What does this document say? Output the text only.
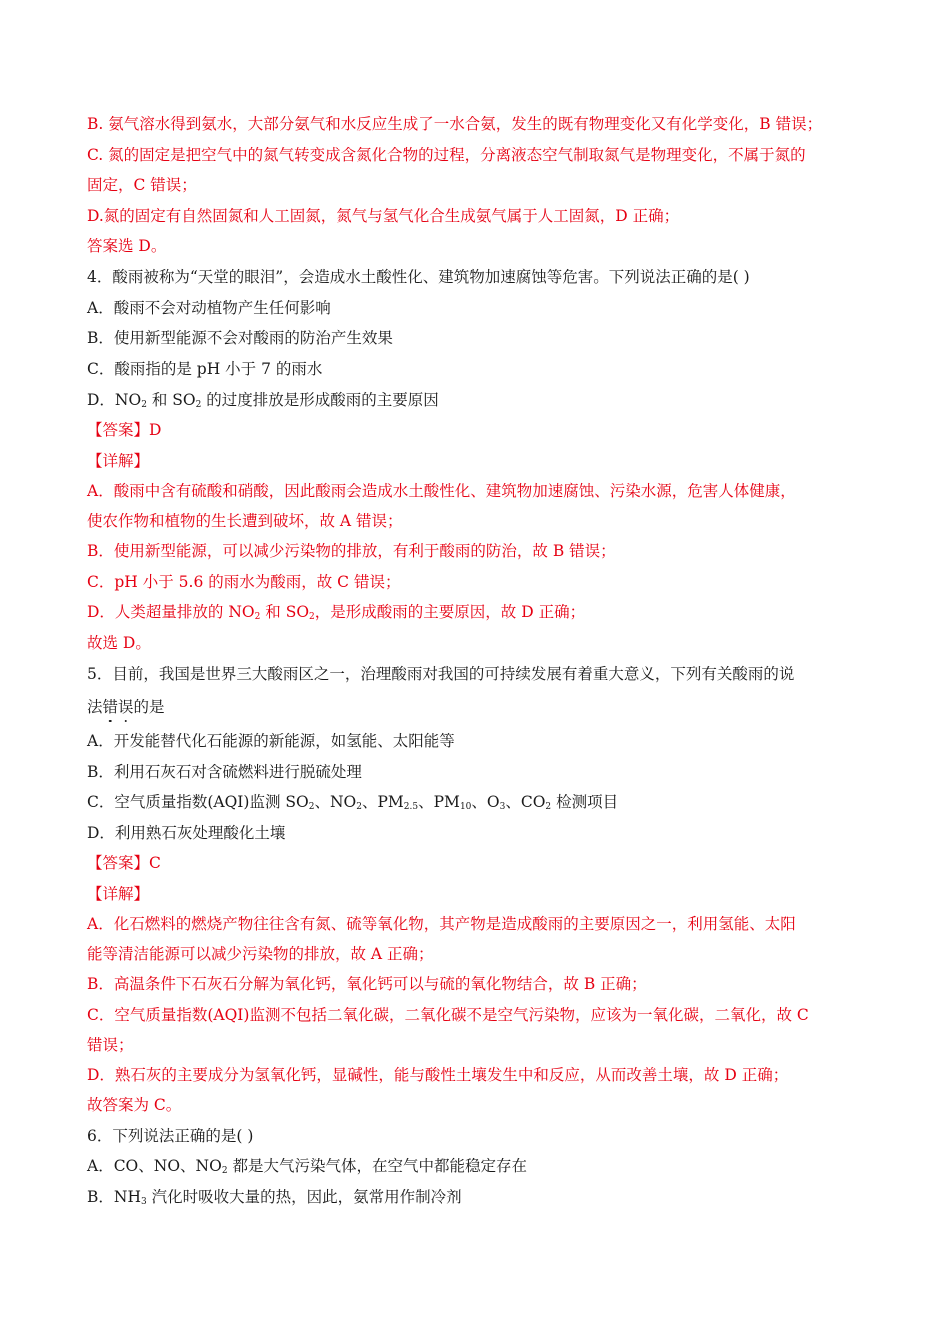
B. 氨气溶水得到氨水，大部分氨气和水反应生成了一水合氨，发生的既有物理变化又有化学变化，B 错误；
C. 氮的固定是把空气中的氮气转变成含氮化合物的过程，分离液态空气制取氮气是物理变化，不属于氮的
固定，C 错误；
D.氮的固定有自然固氮和人工固氮，氮气与氢气化合生成氨气属于人工固氮，D 正确；
答案选 D。
4．酸雨被称为“天堂的眼泪”，会造成水土酸性化、建筑物加速腐蚀等危害。下列说法正确的是( )
A．酸雨不会对动植物产生任何影响
B．使用新型能源不会对酸雨的防治产生效果
C．酸雨指的是 pH 小于 7 的雨水
D．$NO_2$ 和 $SO_2$ 的过度排放是形成酸雨的主要原因
【答案】D
【详解】
A．酸雨中含有硫酸和硝酸，因此酸雨会造成水土酸性化、建筑物加速腐蚀、污染水源，危害人体健康，
使农作物和植物的生长遭到破坏，故 A 错误；
B．使用新型能源，可以减少污染物的排放，有利于酸雨的防治，故 B 错误；
C．pH 小于 5.6 的雨水为酸雨，故 C 错误；
D．人类超量排放的 $NO_2$ 和 $SO_2$，是形成酸雨的主要原因，故 D 正确；
故选 D。
5．目前，我国是世界三大酸雨区之一，治理酸雨对我国的可持续发展有着重大意义，下列有关酸雨的说
法错误的是
A．开发能替代化石能源的新能源，如氢能、太阳能等
B．利用石灰石对含硫燃料进行脱硫处理
C．空气质量指数(AQI)监测 $SO_2$、$NO_2$、$PM_{2.5}$、$PM_{10}$、$O_3$、$CO_2$ 检测项目
D．利用熟石灰处理酸化土壤
【答案】C
【详解】
A．化石燃料的燃烧产物往往含有氮、硫等氧化物，其产物是造成酸雨的主要原因之一，利用氢能、太阳
能等清洁能源可以减少污染物的排放，故 A 正确；
B．高温条件下石灰石分解为氧化钙，氧化钙可以与硫的氧化物结合，故 B 正确；
C．空气质量指数(AQI)监测不包括二氧化碳，二氧化碳不是空气污染物，应该为一氧化碳，二氧化，故 C
错误；
D．熟石灰的主要成分为氢氧化钙，显碱性，能与酸性土壤发生中和反应，从而改善土壤，故 D 正确；
故答案为 C。
6．下列说法正确的是( )
A．CO、NO、$NO_2$ 都是大气污染气体，在空气中都能稳定存在
B．$NH_3$ 汽化时吸收大量的热，因此，氨常用作制冷剂
